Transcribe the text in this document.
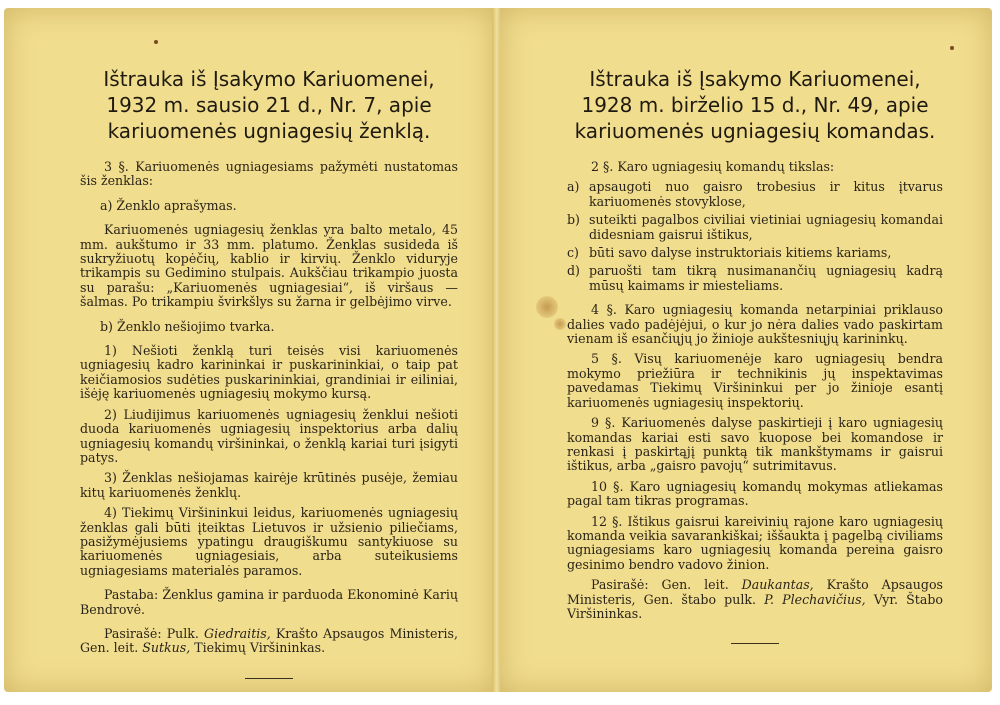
Ištrauka iš Įsakymo Kariuomenei, 1932 m. sausio 21 d., Nr. 7, apie kariuomenės ugniagesių ženklą.

3 §. Kariuomenės ugniagesiams pažymėti nustatomas šis ženklas:

a) Ženklo aprašymas.

Kariuomenės ugniagesių ženklas yra balto metalo, 45 mm. aukštumo ir 33 mm. platumo. Ženklas susideda iš sukryžiuotų kopėčių, kablio ir kirvių. Ženklo viduryje trikampis su Gedimino stulpais. Aukščiau trikampio juosta su parašu: „Kariuomenės ugniagesiai“, iš viršaus — šalmas. Po trikampiu švirkšlys su žarna ir gelbėjimo virve.

b) Ženklo nešiojimo tvarka.

1) Nešioti ženklą turi teisės visi kariuomenės ugniagesių kadro karininkai ir puskarininkiai, o taip pat keičiamosios sudėties puskarininkiai, grandiniai ir eiliniai, išėję kariuomenės ugniagesių mokymo kursą.

2) Liudijimus kariuomenės ugniagesių ženklui nešioti duoda kariuomenės ugniagesių inspektorius arba dalių ugniagesių komandų viršininkai, o ženklą kariai turi įsigyti patys.

3) Ženklas nešiojamas kairėje krūtinės pusėje, žemiau kitų kariuomenės ženklų.

4) Tiekimų Viršininkui leidus, kariuomenės ugniagesių ženklas gali būti įteiktas Lietuvos ir užsienio piliečiams, pasižymėjusiems ypatingu draugiškumu santykiuose su kariuomenės ugniagesiais, arba suteikusiems ugniagesiams materialės paramos.

Pastaba: Ženklus gamina ir parduoda Ekonominė Karių Bendrovė.

Pasirašė: Pulk. Giedraitis, Krašto Apsaugos Ministeris, Gen. leit. Sutkus, Tiekimų Viršininkas.

Ištrauka iš Įsakymo Kariuomenei, 1928 m. birželio 15 d., Nr. 49, apie kariuomenės ugniagesių komandas.

2 §. Karo ugniagesių komandų tikslas:

a) apsaugoti nuo gaisro trobesius ir kitus įtvarus kariuomenės stovyklose,
b) suteikti pagalbos civiliai vietiniai ugniagesių komandai didesniam gaisrui ištikus,
c) būti savo dalyse instruktoriais kitiems kariams,
d) paruošti tam tikrą nusimanančių ugniagesių kadrą mūsų kaimams ir miesteliams.

4 §. Karo ugniagesių komanda netarpiniai priklauso dalies vado padėjėjui, o kur jo nėra dalies vado paskirtam vienam iš esančiųjų jo žinioje aukštesniųjų karininkų.

5 §. Visų kariuomenėje karo ugniagesių bendra mokymo priežiūra ir technikinis jų inspektavimas pavedamas Tiekimų Viršininkui per jo žinioje esantį kariuomenės ugniagesių inspektorių.

9 §. Kariuomenės dalyse paskirtieji į karo ugniagesių komandas kariai esti savo kuopose bei komandose ir renkasi į paskirtąjį punktą tik mankštymams ir gaisrui ištikus, arba „gaisro pavojų“ sutrimitavus.

10 §. Karo ugniagesių komandų mokymas atliekamas pagal tam tikras programas.

12 §. Ištikus gaisrui kareivinių rajone karo ugniagesių komanda veikia savarankiškai; iššaukta į pagelbą civiliams ugniagesiams karo ugniagesių komanda pereina gaisro gesinimo bendro vadovo žinion.

Pasirašė: Gen. leit. Daukantas, Krašto Apsaugos Ministeris, Gen. štabo pulk. P. Plechavičius, Vyr. Štabo Viršininkas.
